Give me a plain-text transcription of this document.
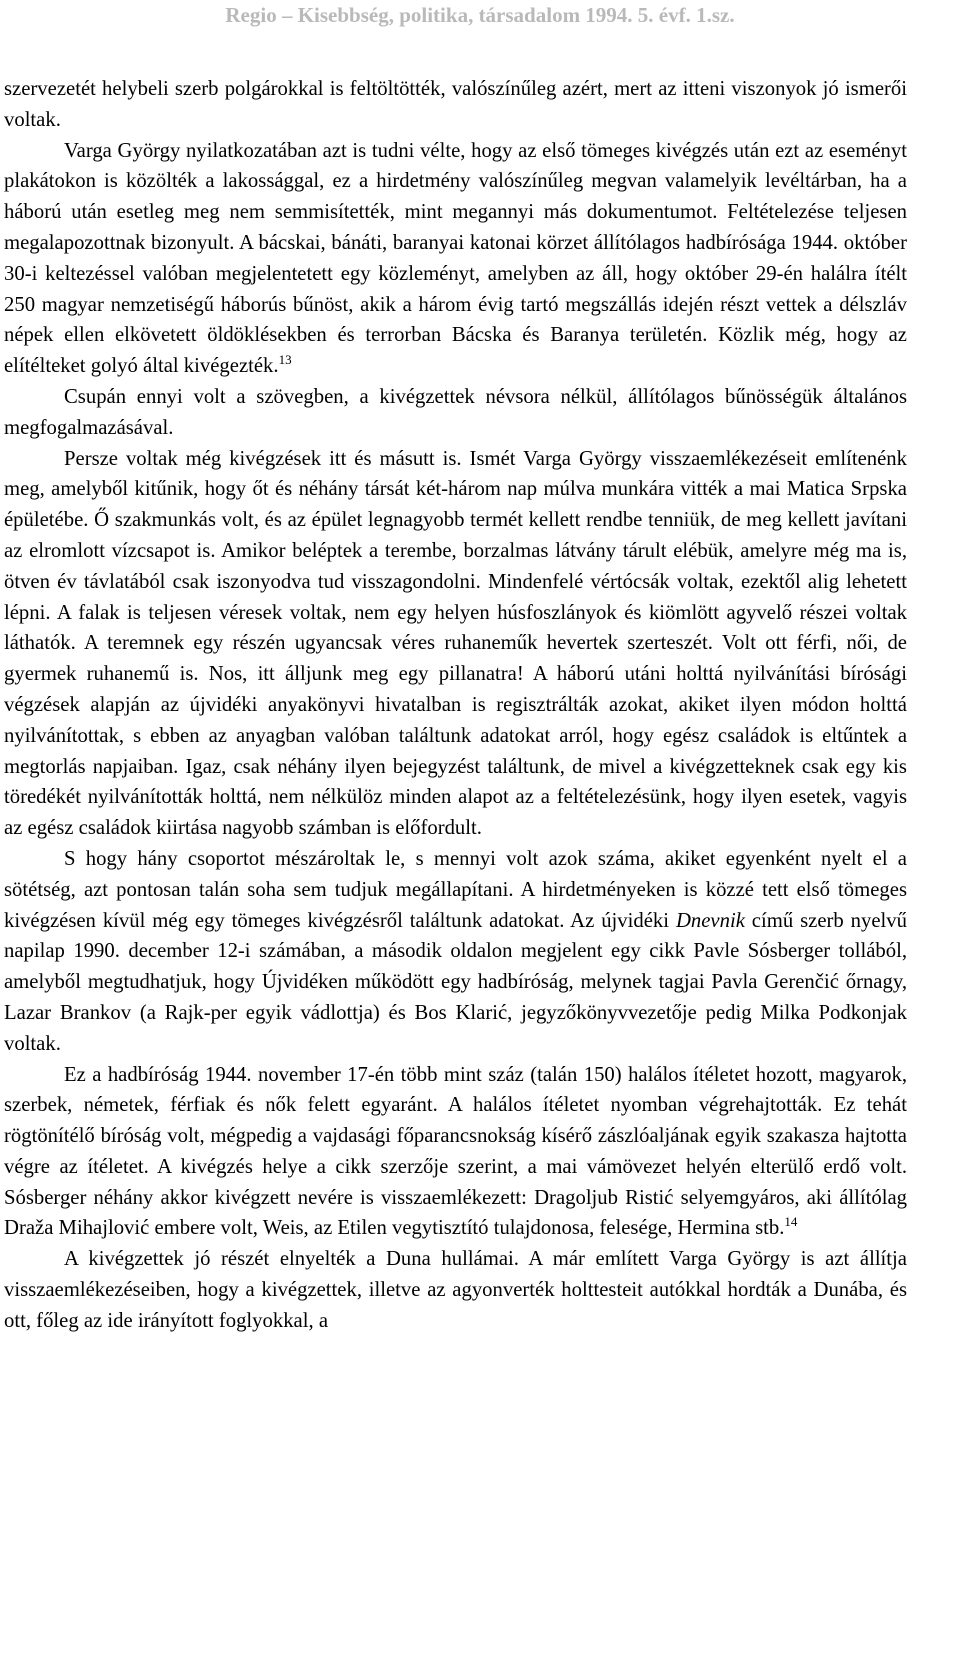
Regio – Kisebbség, politika, társadalom 1994. 5. évf. 1.sz.

szervezetét helybeli szerb polgárokkal is feltöltötték, valószínűleg azért, mert az itteni viszonyok jó ismerői voltak.

Varga György nyilatkozatában azt is tudni vélte, hogy az első tömeges kivégzés után ezt az eseményt plakátokon is közölték a lakossággal, ez a hirdetmény valószínűleg megvan valamelyik levéltárban, ha a háború után esetleg meg nem semmisítették, mint megannyi más dokumentumot. Feltételezése teljesen megalapozottnak bizonyult. A bácskai, bánáti, baranyai katonai körzet állítólagos hadbírósága 1944. október 30-i keltezéssel valóban megjelentetett egy közleményt, amelyben az áll, hogy október 29-én halálra ítélt 250 magyar nemzetiségű háborús bűnöst, akik a három évig tartó megszállás idején részt vettek a délszláv népek ellen elkövetett öldöklésekben és terrorban Bácska és Baranya területén. Közlik még, hogy az elítélteket golyó által kivégezték.$^{13}$

Csupán ennyi volt a szövegben, a kivégzettek névsora nélkül, állítólagos bűnösségük általános megfogalmazásával.

Persze voltak még kivégzések itt és másutt is. Ismét Varga György visszaemlékezéseit említenénk meg, amelyből kitűnik, hogy őt és néhány társát két-három nap múlva munkára vitték a mai Matica Srpska épületébe. Ő szakmunkás volt, és az épület legnagyobb termét kellett rendbe tenniük, de meg kellett javítani az elromlott vízcsapot is. Amikor beléptek a terembe, borzalmas látvány tárult elébük, amelyre még ma is, ötven év távlatából csak iszonyodva tud visszagondolni. Mindenfelé vértócsák voltak, ezektől alig lehetett lépni. A falak is teljesen véresek voltak, nem egy helyen húsfoszlányok és kiömlött agyvelő részei voltak láthatók. A teremnek egy részén ugyancsak véres ruhaneműk hevertek szerteszét. Volt ott férfi, női, de gyermek ruhanemű is. Nos, itt álljunk meg egy pillanatra! A háború utáni holttá nyilvánítási bírósági végzések alapján az újvidéki anyakönyvi hivatalban is regisztrálták azokat, akiket ilyen módon holttá nyilvánítottak, s ebben az anyagban valóban találtunk adatokat arról, hogy egész családok is eltűntek a megtorlás napjaiban. Igaz, csak néhány ilyen bejegyzést találtunk, de mivel a kivégzetteknek csak egy kis töredékét nyilvánították holttá, nem nélkülöz minden alapot az a feltételezésünk, hogy ilyen esetek, vagyis az egész családok kiirtása nagyobb számban is előfordult.

S hogy hány csoportot mészároltak le, s mennyi volt azok száma, akiket egyenként nyelt el a sötétség, azt pontosan talán soha sem tudjuk megállapítani. A hirdetményeken is közzé tett első tömeges kivégzésen kívül még egy tömeges kivégzésről találtunk adatokat. Az újvidéki Dnevnik című szerb nyelvű napilap 1990. december 12-i számában, a második oldalon megjelent egy cikk Pavle Sósberger tollából, amelyből megtudhatjuk, hogy Újvidéken működött egy hadbíróság, melynek tagjai Pavla Gerenčić őrnagy, Lazar Brankov (a Rajk-per egyik vádlottja) és Bos Klarić, jegyzőkönyvvezetője pedig Milka Podkonjak voltak.

Ez a hadbíróság 1944. november 17-én több mint száz (talán 150) halálos ítéletet hozott, magyarok, szerbek, németek, férfiak és nők felett egyaránt. A halálos ítéletet nyomban végrehajtották. Ez tehát rögtönítélő bíróság volt, mégpedig a vajdasági főparancsnokság kísérő zászlóaljának egyik szakasza hajtotta végre az ítéletet. A kivégzés helye a cikk szerzője szerint, a mai vámövezet helyén elterülő erdő volt. Sósberger néhány akkor kivégzett nevére is visszaemlékezett: Dragoljub Ristić selyemgyáros, aki állítólag Draža Mihajlović embere volt, Weis, az Etilen vegytisztító tulajdonosa, felesége, Hermina stb.$^{14}$

A kivégzettek jó részét elnyelték a Duna hullámai. A már említett Varga György is azt állítja visszaemlékezéseiben, hogy a kivégzettek, illetve az agyonverték holttesteit autókkal hordták a Dunába, és ott, főleg az ide irányított foglyokkal, a
